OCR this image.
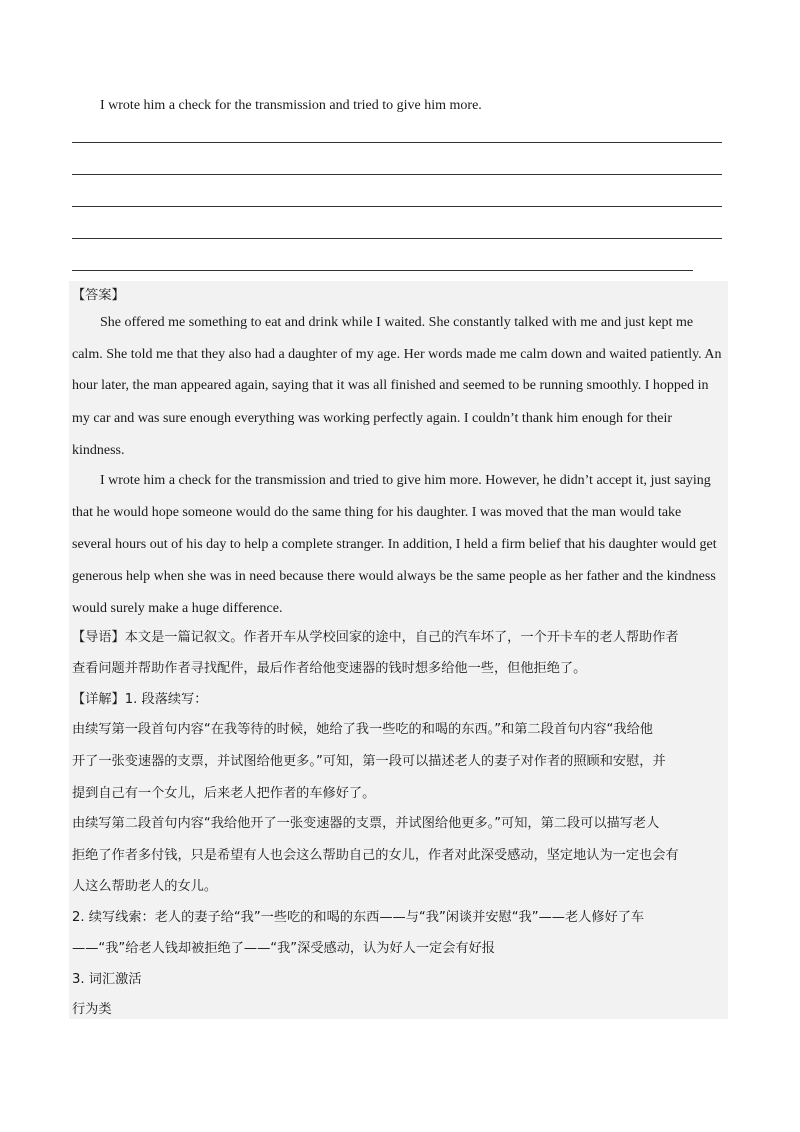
I wrote him a check for the transmission and tried to give him more.
【答案】
She offered me something to eat and drink while I waited. She constantly talked with me and just kept me
calm. She told me that they also had a daughter of my age. Her words made me calm down and waited patiently. An
hour later, the man appeared again, saying that it was all finished and seemed to be running smoothly. I hopped in
my car and was sure enough everything was working perfectly again. I couldn’t thank him enough for their
kindness.
I wrote him a check for the transmission and tried to give him more. However, he didn’t accept it, just saying
that he would hope someone would do the same thing for his daughter. I was moved that the man would take
several hours out of his day to help a complete stranger. In addition, I held a firm belief that his daughter would get
generous help when she was in need because there would always be the same people as her father and the kindness
would surely make a huge difference.
【导语】本文是一篇记叙文。作者开车从学校回家的途中，自己的汽车坏了，一个开卡车的老人帮助作者
查看问题并帮助作者寻找配件，最后作者给他变速器的钱时想多给他一些，但他拒绝了。
【详解】1. 段落续写：
由续写第一段首句内容“在我等待的时候，她给了我一些吃的和喝的东西。”和第二段首句内容“我给他
开了一张变速器的支票，并试图给他更多。”可知，第一段可以描述老人的妻子对作者的照顾和安慰，并
提到自己有一个女儿，后来老人把作者的车修好了。
由续写第二段首句内容“我给他开了一张变速器的支票，并试图给他更多。”可知，第二段可以描写老人
拒绝了作者多付钱，只是希望有人也会这么帮助自己的女儿，作者对此深受感动，坚定地认为一定也会有
人这么帮助老人的女儿。
2. 续写线索：老人的妻子给“我”一些吃的和喝的东西——与“我”闲谈并安慰“我”——老人修好了车
——“我”给老人钱却被拒绝了——“我”深受感动，认为好人一定会有好报
3. 词汇激活
行为类
